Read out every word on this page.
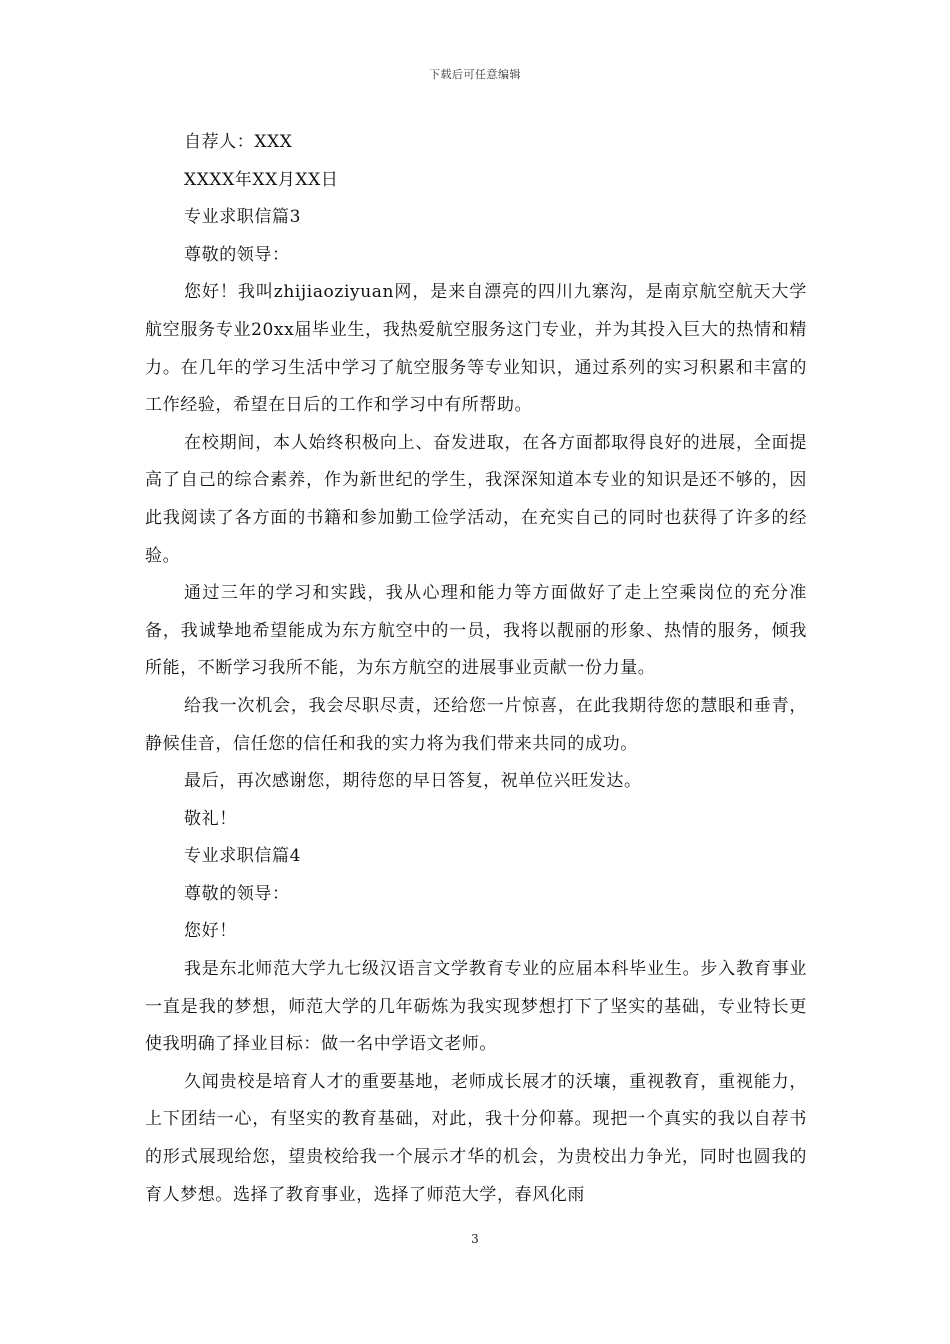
下载后可任意编辑
自荐人：XXX
XXXX年XX月XX日
专业求职信篇3
尊敬的领导：
您好！我叫zhijiaoziyuan网，是来自漂亮的四川九寨沟，是南京航空航天大学航空服务专业20xx届毕业生，我热爱航空服务这门专业，并为其投入巨大的热情和精力。在几年的学习生活中学习了航空服务等专业知识，通过系列的实习积累和丰富的工作经验，希望在日后的工作和学习中有所帮助。
在校期间，本人始终积极向上、奋发进取，在各方面都取得良好的进展，全面提高了自己的综合素养，作为新世纪的学生，我深深知道本专业的知识是还不够的，因此我阅读了各方面的书籍和参加勤工俭学活动，在充实自己的同时也获得了许多的经验。
通过三年的学习和实践，我从心理和能力等方面做好了走上空乘岗位的充分准备，我诚挚地希望能成为东方航空中的一员，我将以靓丽的形象、热情的服务，倾我所能，不断学习我所不能，为东方航空的进展事业贡献一份力量。
给我一次机会，我会尽职尽责，还给您一片惊喜，在此我期待您的慧眼和垂青，静候佳音，信任您的信任和我的实力将为我们带来共同的成功。
最后，再次感谢您，期待您的早日答复，祝单位兴旺发达。
敬礼！
专业求职信篇4
尊敬的领导：
您好！
我是东北师范大学九七级汉语言文学教育专业的应届本科毕业生。步入教育事业一直是我的梦想，师范大学的几年砺炼为我实现梦想打下了坚实的基础，专业特长更使我明确了择业目标：做一名中学语文老师。
久闻贵校是培育人才的重要基地，老师成长展才的沃壤，重视教育，重视能力，上下团结一心，有坚实的教育基础，对此，我十分仰幕。现把一个真实的我以自荐书的形式展现给您，望贵校给我一个展示才华的机会，为贵校出力争光，同时也圆我的育人梦想。选择了教育事业，选择了师范大学，春风化雨
3
